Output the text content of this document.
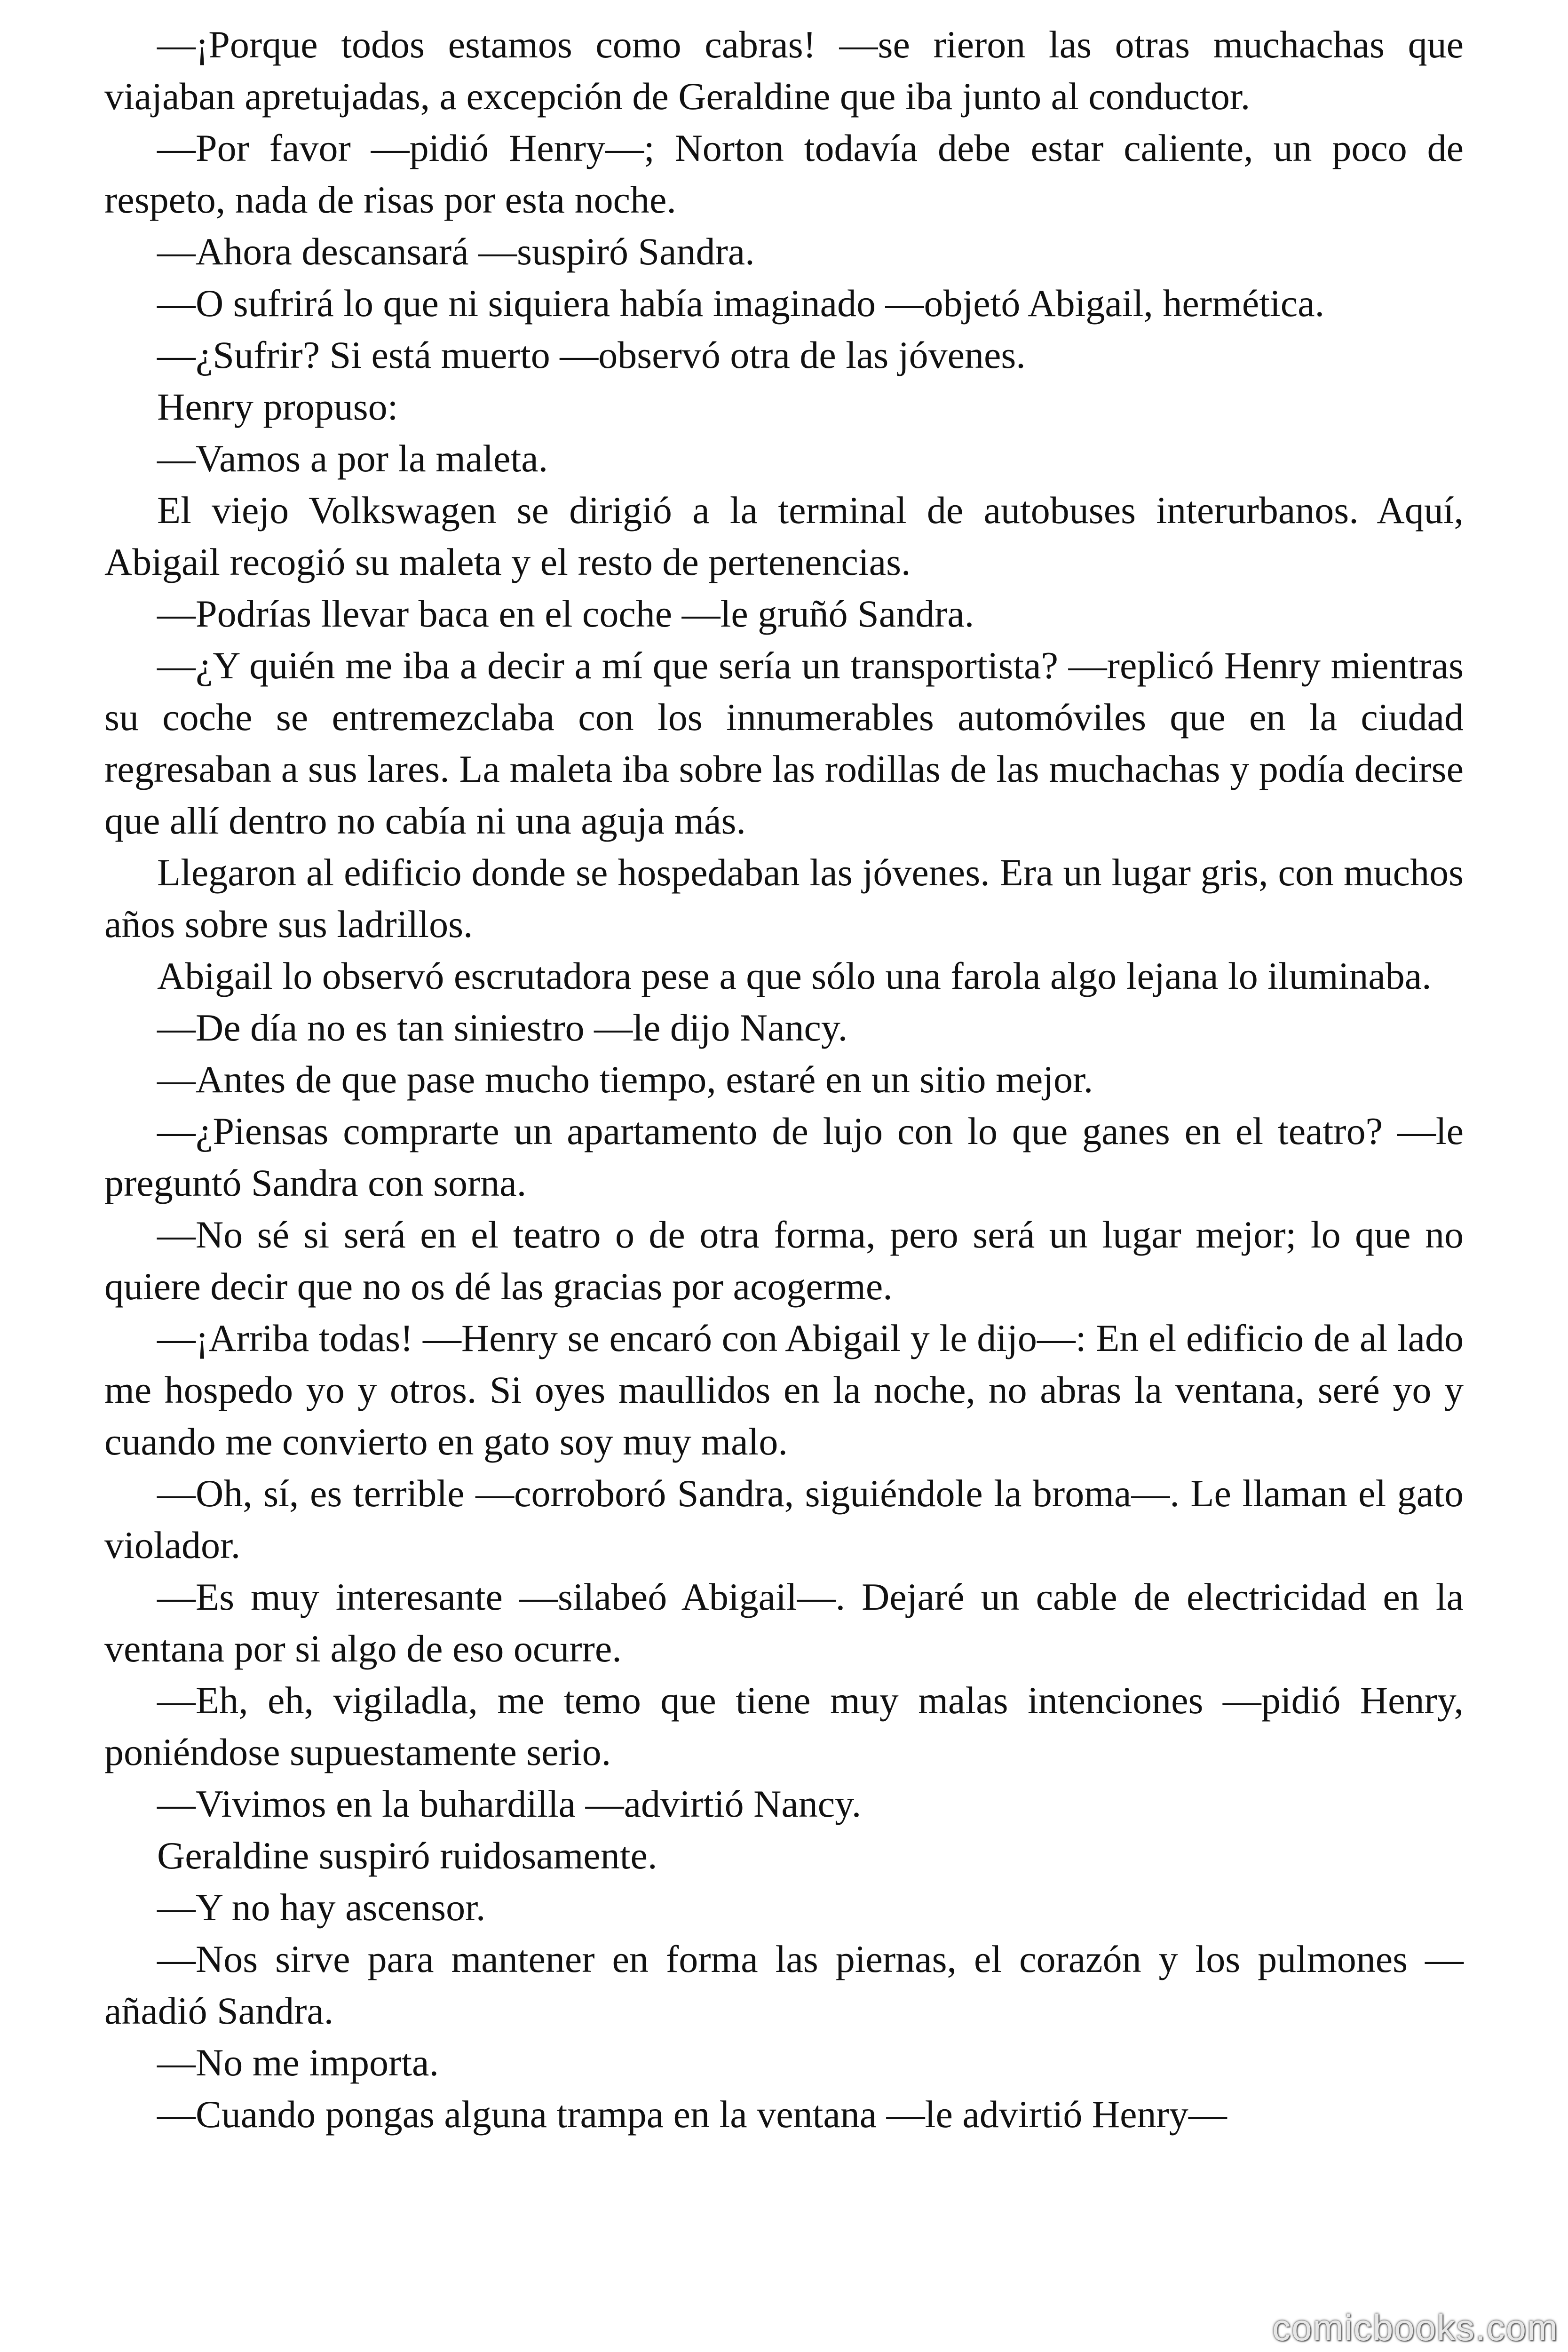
—¡Porque todos estamos como cabras! —se rieron las otras muchachas que viajaban apretujadas, a excepción de Geraldine que iba junto al conductor.

—Por favor —pidió Henry—; Norton todavía debe estar caliente, un poco de respeto, nada de risas por esta noche.

—Ahora descansará —suspiró Sandra.

—O sufrirá lo que ni siquiera había imaginado —objetó Abigail, hermética.

—¿Sufrir? Si está muerto —observó otra de las jóvenes.

Henry propuso:

—Vamos a por la maleta.

El viejo Volkswagen se dirigió a la terminal de autobuses interurbanos. Aquí, Abigail recogió su maleta y el resto de pertenencias.

—Podrías llevar baca en el coche —le gruñó Sandra.

—¿Y quién me iba a decir a mí que sería un transportista? —replicó Henry mientras su coche se entremezclaba con los innumerables automóviles que en la ciudad regresaban a sus lares. La maleta iba sobre las rodillas de las muchachas y podía decirse que allí dentro no cabía ni una aguja más.

Llegaron al edificio donde se hospedaban las jóvenes. Era un lugar gris, con muchos años sobre sus ladrillos.

Abigail lo observó escrutadora pese a que sólo una farola algo lejana lo iluminaba.

—De día no es tan siniestro —le dijo Nancy.

—Antes de que pase mucho tiempo, estaré en un sitio mejor.

—¿Piensas comprarte un apartamento de lujo con lo que ganes en el teatro? —le preguntó Sandra con sorna.

—No sé si será en el teatro o de otra forma, pero será un lugar mejor; lo que no quiere decir que no os dé las gracias por acogerme.

—¡Arriba todas! —Henry se encaró con Abigail y le dijo—: En el edificio de al lado me hospedo yo y otros. Si oyes maullidos en la noche, no abras la ventana, seré yo y cuando me convierto en gato soy muy malo.

—Oh, sí, es terrible —corroboró Sandra, siguiéndole la broma—. Le llaman el gato violador.

—Es muy interesante —silabeó Abigail—. Dejaré un cable de electricidad en la ventana por si algo de eso ocurre.

—Eh, eh, vigiladla, me temo que tiene muy malas intenciones —pidió Henry, poniéndose supuestamente serio.

—Vivimos en la buhardilla —advirtió Nancy.

Geraldine suspiró ruidosamente.

—Y no hay ascensor.

—Nos sirve para mantener en forma las piernas, el corazón y los pulmones —añadió Sandra.

—No me importa.

—Cuando pongas alguna trampa en la ventana —le advirtió Henry—

comicbooks.com
